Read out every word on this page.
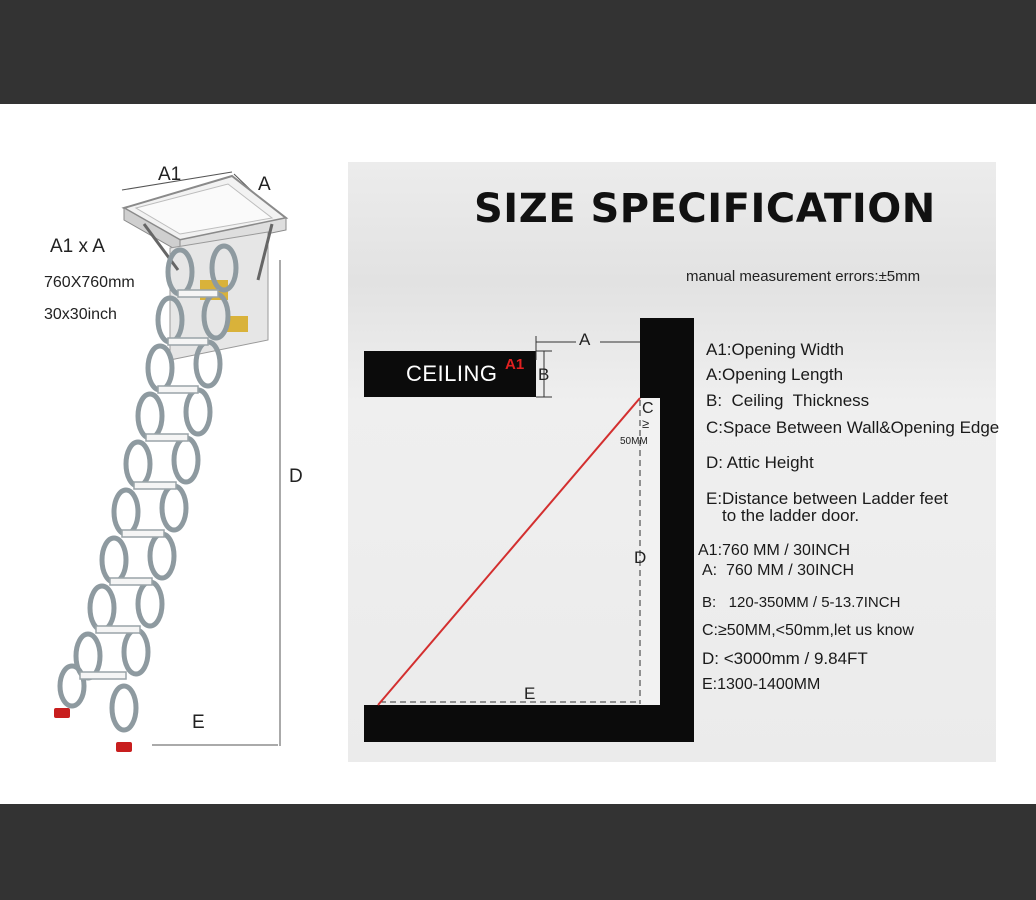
A1	A
A1 x A
760X760mm
30x30inch
D
E
SIZE SPECIFICATION
manual measurement errors:±5mm
CEILING A1
A
B
C
≥
50MM
D
E
A1:Opening Width
A:Opening Length
B:  Ceiling  Thickness
C:Space Between Wall&Opening Edge
D: Attic Height
E:Distance between Ladder feet
to the ladder door.
A1:760 MM / 30INCH
A:  760 MM / 30INCH
B:   120-350MM / 5-13.7INCH
C:≥50MM,<50mm,let us know
D: <3000mm / 9.84FT
E:1300-1400MM
